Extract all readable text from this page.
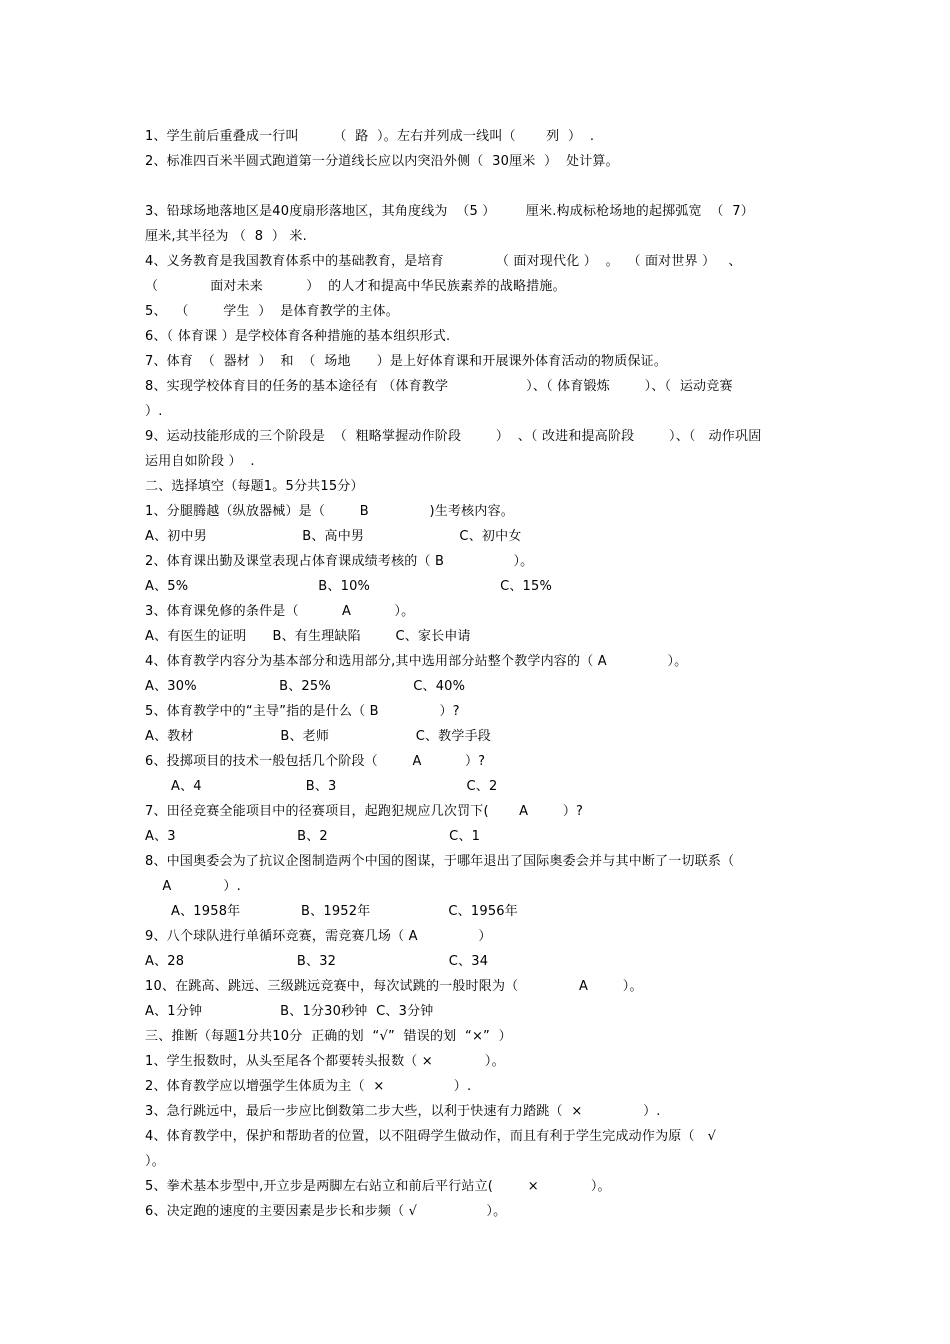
1、学生前后重叠成一行叫        （  路  ）。左右并列成一线叫（       列  ）  .
2、标准四百米半圆式跑道第一分道线长应以内突沿外侧（  30厘米  ）  处计算。
3、铅球场地落地区是40度扇形落地区，其角度线为  （5 ）       厘米.构成标枪场地的起掷弧宽  （  7）
厘米,其半径为 （  8  ） 米.
4、义务教育是我国教育体系中的基础教育，是培育            （ 面对现代化 ）  。  （ 面对世界 ）   、
（            面对未来          ）  的人才和提高中华民族素养的战略措施。
5、  （        学生  ）  是体育教学的主体。
6、（ 体育课 ）是学校体育各种措施的基本组织形式.
7、体育  （  器材  ）  和  （  场地      ）是上好体育课和开展课外体育活动的物质保证。
8、实现学校体育目的任务的基本途径有 （体育教学                  ）、（ 体育锻炼        ）、（  运动竞赛
）.
9、运动技能形成的三个阶段是  （  粗略掌握动作阶段        ）  、（ 改进和提高阶段        ）、（   动作巩固
运用自如阶段 ）  .
二、选择填空（每题1。5分共15分）
1、分腿腾越（纵放器械）是（        B              )生考核内容。
A、初中男                      B、高中男                      C、初中女
2、体育课出勤及课堂表现占体育课成绩考核的（ B                ）。
A、5%                              B、10%                              C、15%
3、体育课免修的条件是（          A          ）。
A、有医生的证明      B、有生理缺陷        C、家长申请
4、体育教学内容分为基本部分和选用部分,其中选用部分站整个教学内容的（ A              ）。
A、30%                   B、25%                   C、40%
5、体育教学中的“主导”指的是什么（ B              ）?
A、教材                    B、老师                    C、教学手段
6、投掷项目的技术一般包括几个阶段（        A          ）?
A、4                        B、3                              C、2
7、田径竞赛全能项目中的径赛项目，起跑犯规应几次罚下(       A        ）?
A、3                            B、2                            C、1
8、中国奥委会为了抗议企图制造两个中国的图谋，于哪年退出了国际奥委会并与其中断了一切联系（
A            ）.
A、1958年              B、1952年                  C、1956年
9、八个球队进行单循环竞赛，需竞赛几场（ A              ）
A、28                          B、32                          C、34
10、在跳高、跳远、三级跳远竞赛中，每次试跳的一般时限为（              A        ）。
A、1分钟                  B、1分30秒钟  C、3分钟
三、推断（每题1分共10分  正确的划  “√”  错误的划  “×”  ）
1、学生报数时，从头至尾各个都要转头报数（ ×            ）。
2、体育教学应以增强学生体质为主（  ×                ）.
3、急行跳远中，最后一步应比倒数第二步大些，以利于快速有力踏跳（  ×              ）.
4、体育教学中，保护和帮助者的位置，以不阻碍学生做动作，而且有利于学生完成动作为原（   √
）。
5、拳术基本步型中,开立步是两脚左右站立和前后平行站立(        ×            ）。
6、决定跑的速度的主要因素是步长和步频（ √                ）。
